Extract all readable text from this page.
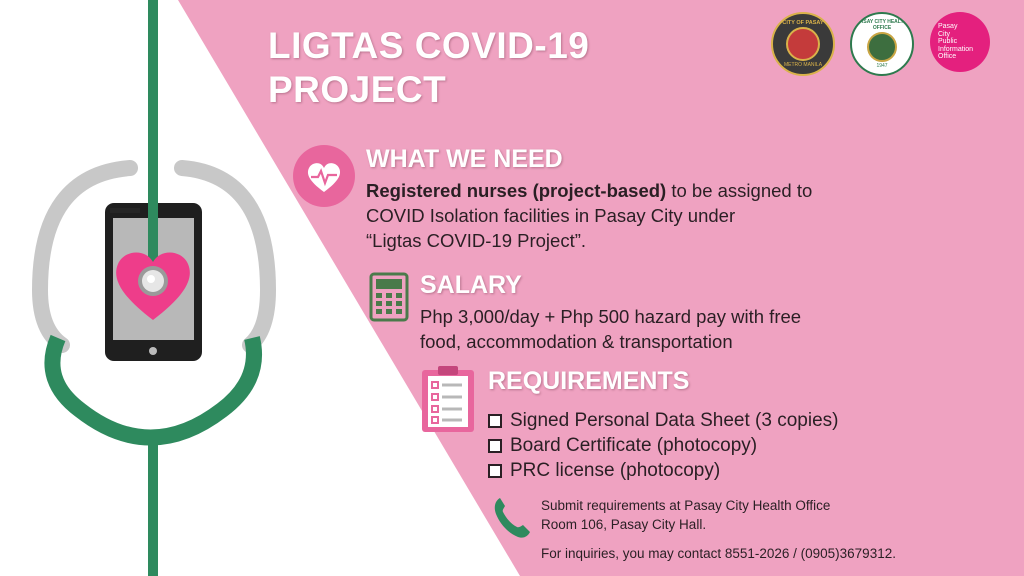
LIGTAS COVID-19
PROJECT
CITY OF PASAY
METRO MANILA
PASAY CITY HEALTH OFFICE
1947
Pasay
City
Public
Information
Office
WHAT WE NEED
Registered nurses (project-based) to be assigned to
COVID Isolation facilities in Pasay City under
“Ligtas COVID-19 Project”.
SALARY
Php 3,000/day + Php 500 hazard pay with free
food, accommodation & transportation
REQUIREMENTS
Signed Personal Data Sheet (3 copies)
Board Certificate (photocopy)
PRC license (photocopy)
Submit requirements at Pasay City Health Office
Room 106, Pasay City Hall.
For inquiries, you may contact 8551-2026 / (0905)3679312.
